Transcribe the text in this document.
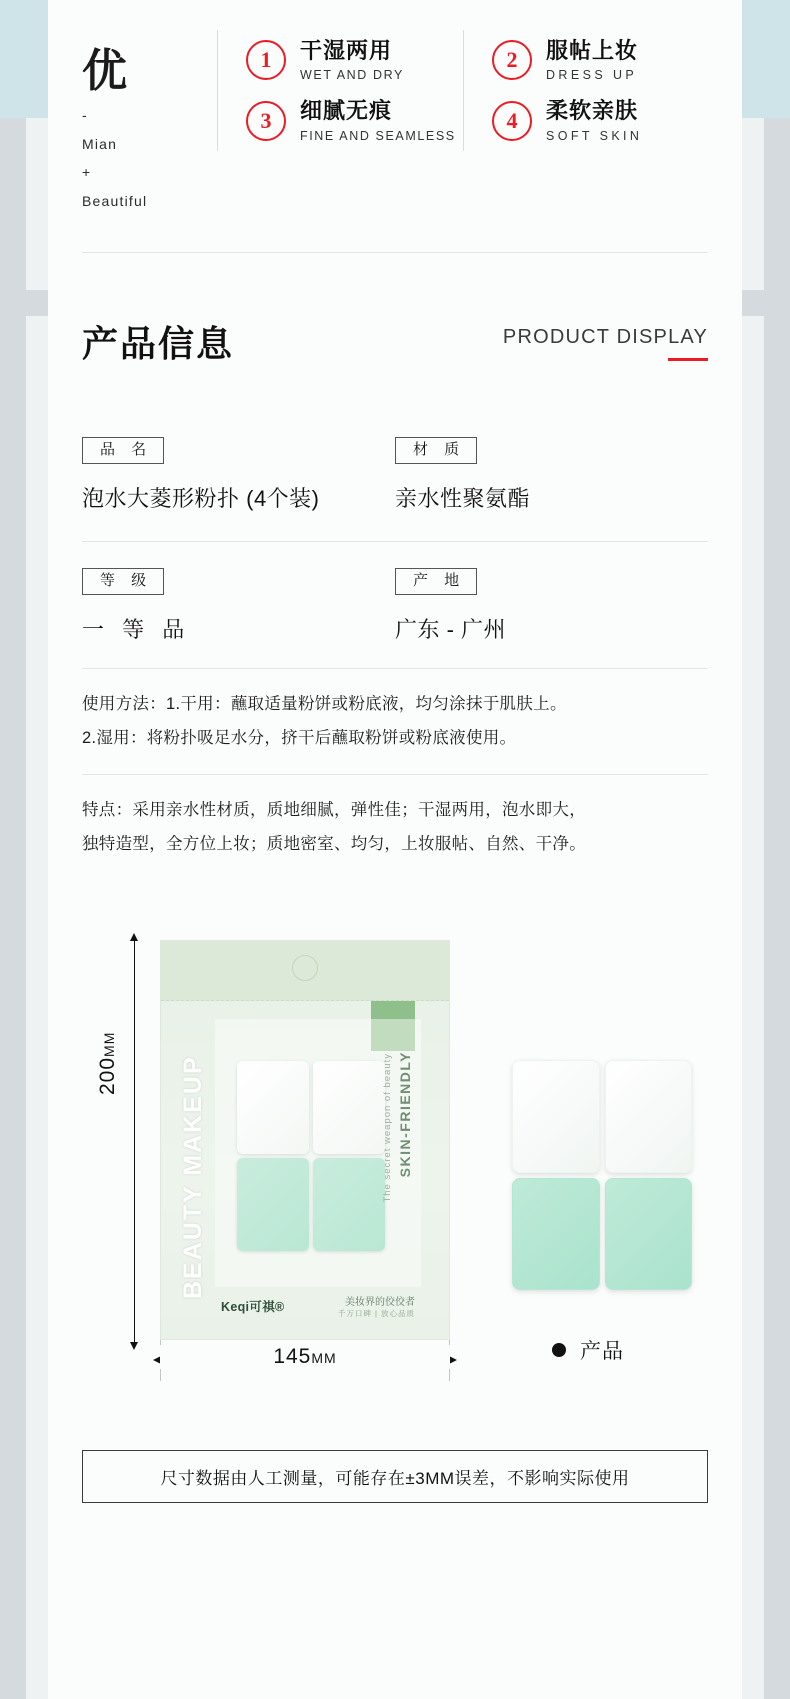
优
-
Mian
+
Beautiful
1	干湿两用
WET AND DRY
2	服帖上妆
DRESS UP
3	细腻无痕
FINE AND SEAMLESS
4	柔软亲肤
SOFT SKIN
产品信息	PRODUCT DISPLAY
品 名
泡水大菱形粉扑 (4个装)
材 质
亲水性聚氨酯
等 级
一 等 品
产 地
广东 - 广州
使用方法：1.干用：蘸取适量粉饼或粉底液，均匀涂抹于肌肤上。
2.湿用：将粉扑吸足水分，挤干后蘸取粉饼或粉底液使用。
特点：采用亲水性材质，质地细腻，弹性佳；干湿两用，泡水即大，
独特造型，全方位上妆；质地密室、均匀，上妆服帖、自然、干净。
200MM
145MM
BEAUTY MAKEUP	SKIN-FRIENDLY
The secret weapon of beauty
Keqi可祺®	美妆界的佼佼者
千万口碑 | 放心品质
产品
尺寸数据由人工测量，可能存在±3MM误差，不影响实际使用
